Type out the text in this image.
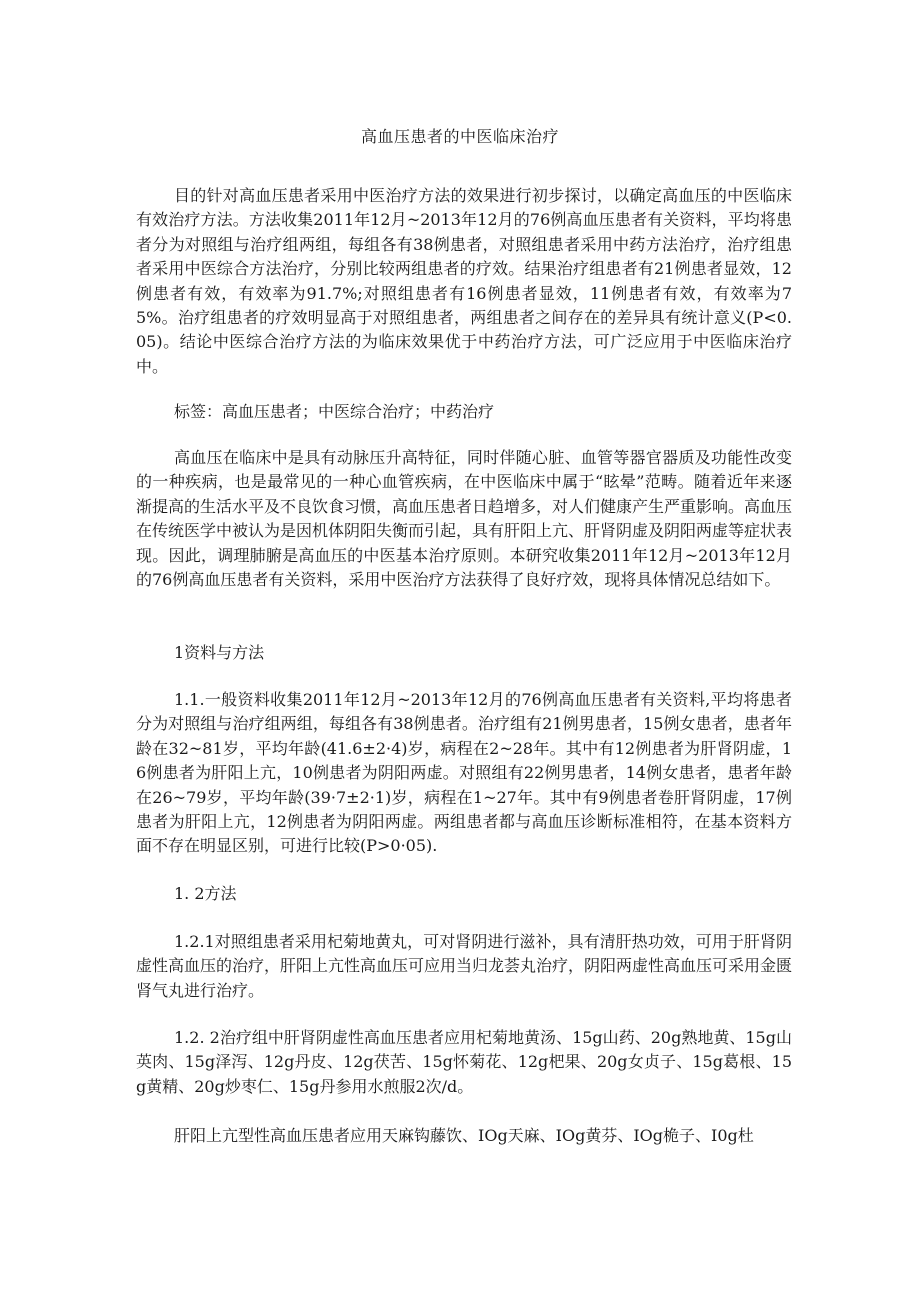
高血压患者的中医临床治疗

目的针对高血压患者采用中医治疗方法的效果进行初步探讨，以确定高血压的中医临床有效治疗方法。方法收集2011年12月~2013年12月的76例高血压患者有关资料，平均将患者分为对照组与治疗组两组，每组各有38例患者，对照组患者采用中药方法治疗，治疗组患者采用中医综合方法治疗，分别比较两组患者的疗效。结果治疗组患者有21例患者显效，12例患者有效，有效率为91.7%;对照组患者有16例患者显效，11例患者有效，有效率为75%。治疗组患者的疗效明显高于对照组患者，两组患者之间存在的差异具有统计意义(P<0.05)。结论中医综合治疗方法的为临床效果优于中药治疗方法，可广泛应用于中医临床治疗中。

标签：高血压患者；中医综合治疗；中药治疗

高血压在临床中是具有动脉压升高特征，同时伴随心脏、血管等器官器质及功能性改变的一种疾病，也是最常见的一种心血管疾病，在中医临床中属于“眩晕”范畴。随着近年来逐渐提高的生活水平及不良饮食习惯，高血压患者日趋增多，对人们健康产生严重影响。高血压在传统医学中被认为是因机体阴阳失衡而引起，具有肝阳上亢、肝肾阴虚及阴阳两虚等症状表现。因此，调理肺腑是高血压的中医基本治疗原则。本研究收集2011年12月~2013年12月的76例高血压患者有关资料，采用中医治疗方法获得了良好疗效，现将具体情况总结如下。

1资料与方法

1.1.一般资料收集2011年12月~2013年12月的76例高血压患者有关资料,平均将患者分为对照组与治疗组两组，每组各有38例患者。治疗组有21例男患者，15例女患者，患者年龄在32~81岁，平均年龄(41.6±2·4)岁，病程在2~28年。其中有12例患者为肝肾阴虚，16例患者为肝阳上亢，10例患者为阴阳两虚。对照组有22例男患者，14例女患者，患者年龄在26~79岁，平均年龄(39·7±2·1)岁，病程在1~27年。其中有9例患者卷肝肾阴虚，17例患者为肝阳上亢，12例患者为阴阳两虚。两组患者都与高血压诊断标准相符，在基本资料方面不存在明显区别，可进行比较(P>0·05).

1. 2方法

1.2.1对照组患者采用杞菊地黄丸，可对肾阴进行滋补，具有清肝热功效，可用于肝肾阴虚性高血压的治疗，肝阳上亢性高血压可应用当归龙荟丸治疗，阴阳两虚性高血压可采用金匮肾气丸进行治疗。

1.2. 2治疗组中肝肾阴虚性高血压患者应用杞菊地黄汤、15g山药、20g熟地黄、15g山英肉、15g泽泻、12g丹皮、12g茯苦、15g怀菊花、12g杷果、20g女贞子、15g葛根、15g黄精、20g炒枣仁、15g丹参用水煎服2次/d。

肝阳上亢型性高血压患者应用天麻钩藤饮、IOg天麻、IOg黄芬、IOg桅子、I0g杜
